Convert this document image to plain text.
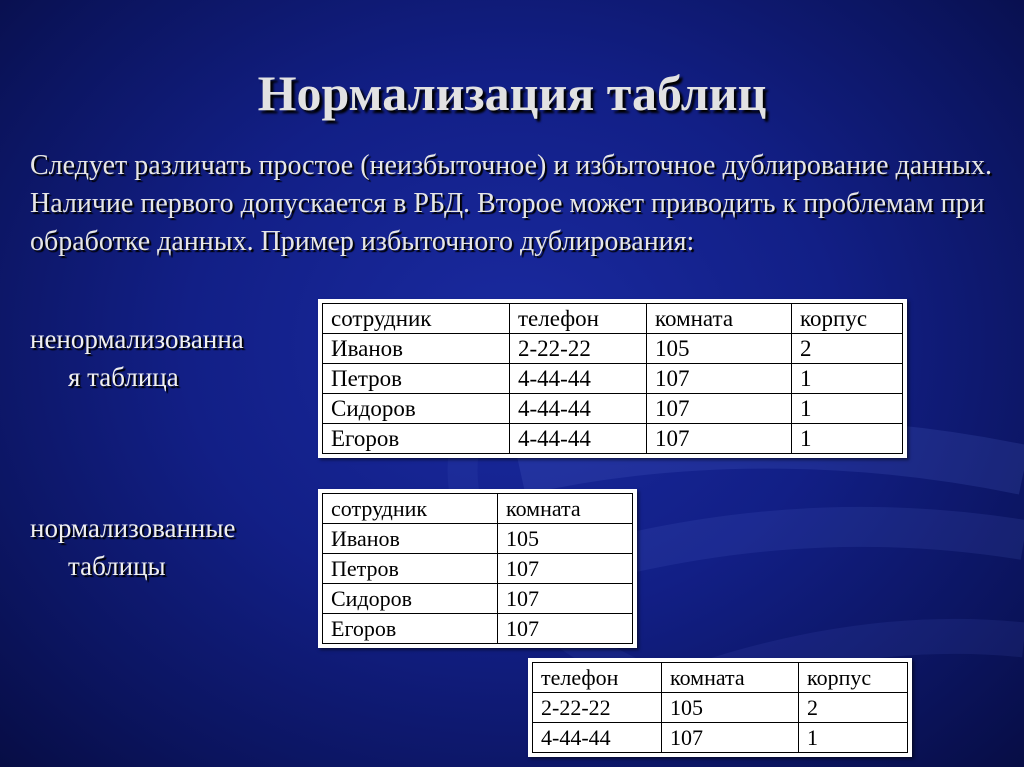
Нормализация таблиц
Следует различать простое (неизбыточное) и избыточное дублирование данных. Наличие первого допускается в РБД. Второе может приводить к проблемам при обработке данных. Пример избыточного дублирования:
ненормализованна
я таблица
нормализованные
таблицы
сотрудник	телефон	комната	корпус
Иванов	2-22-22	105	2
Петров	4-44-44	107	1
Сидоров	4-44-44	107	1
Егоров	4-44-44	107	1
сотрудник	комната
Иванов	105
Петров	107
Сидоров	107
Егоров	107
телефон	комната	корпус
2-22-22	105	2
4-44-44	107	1
